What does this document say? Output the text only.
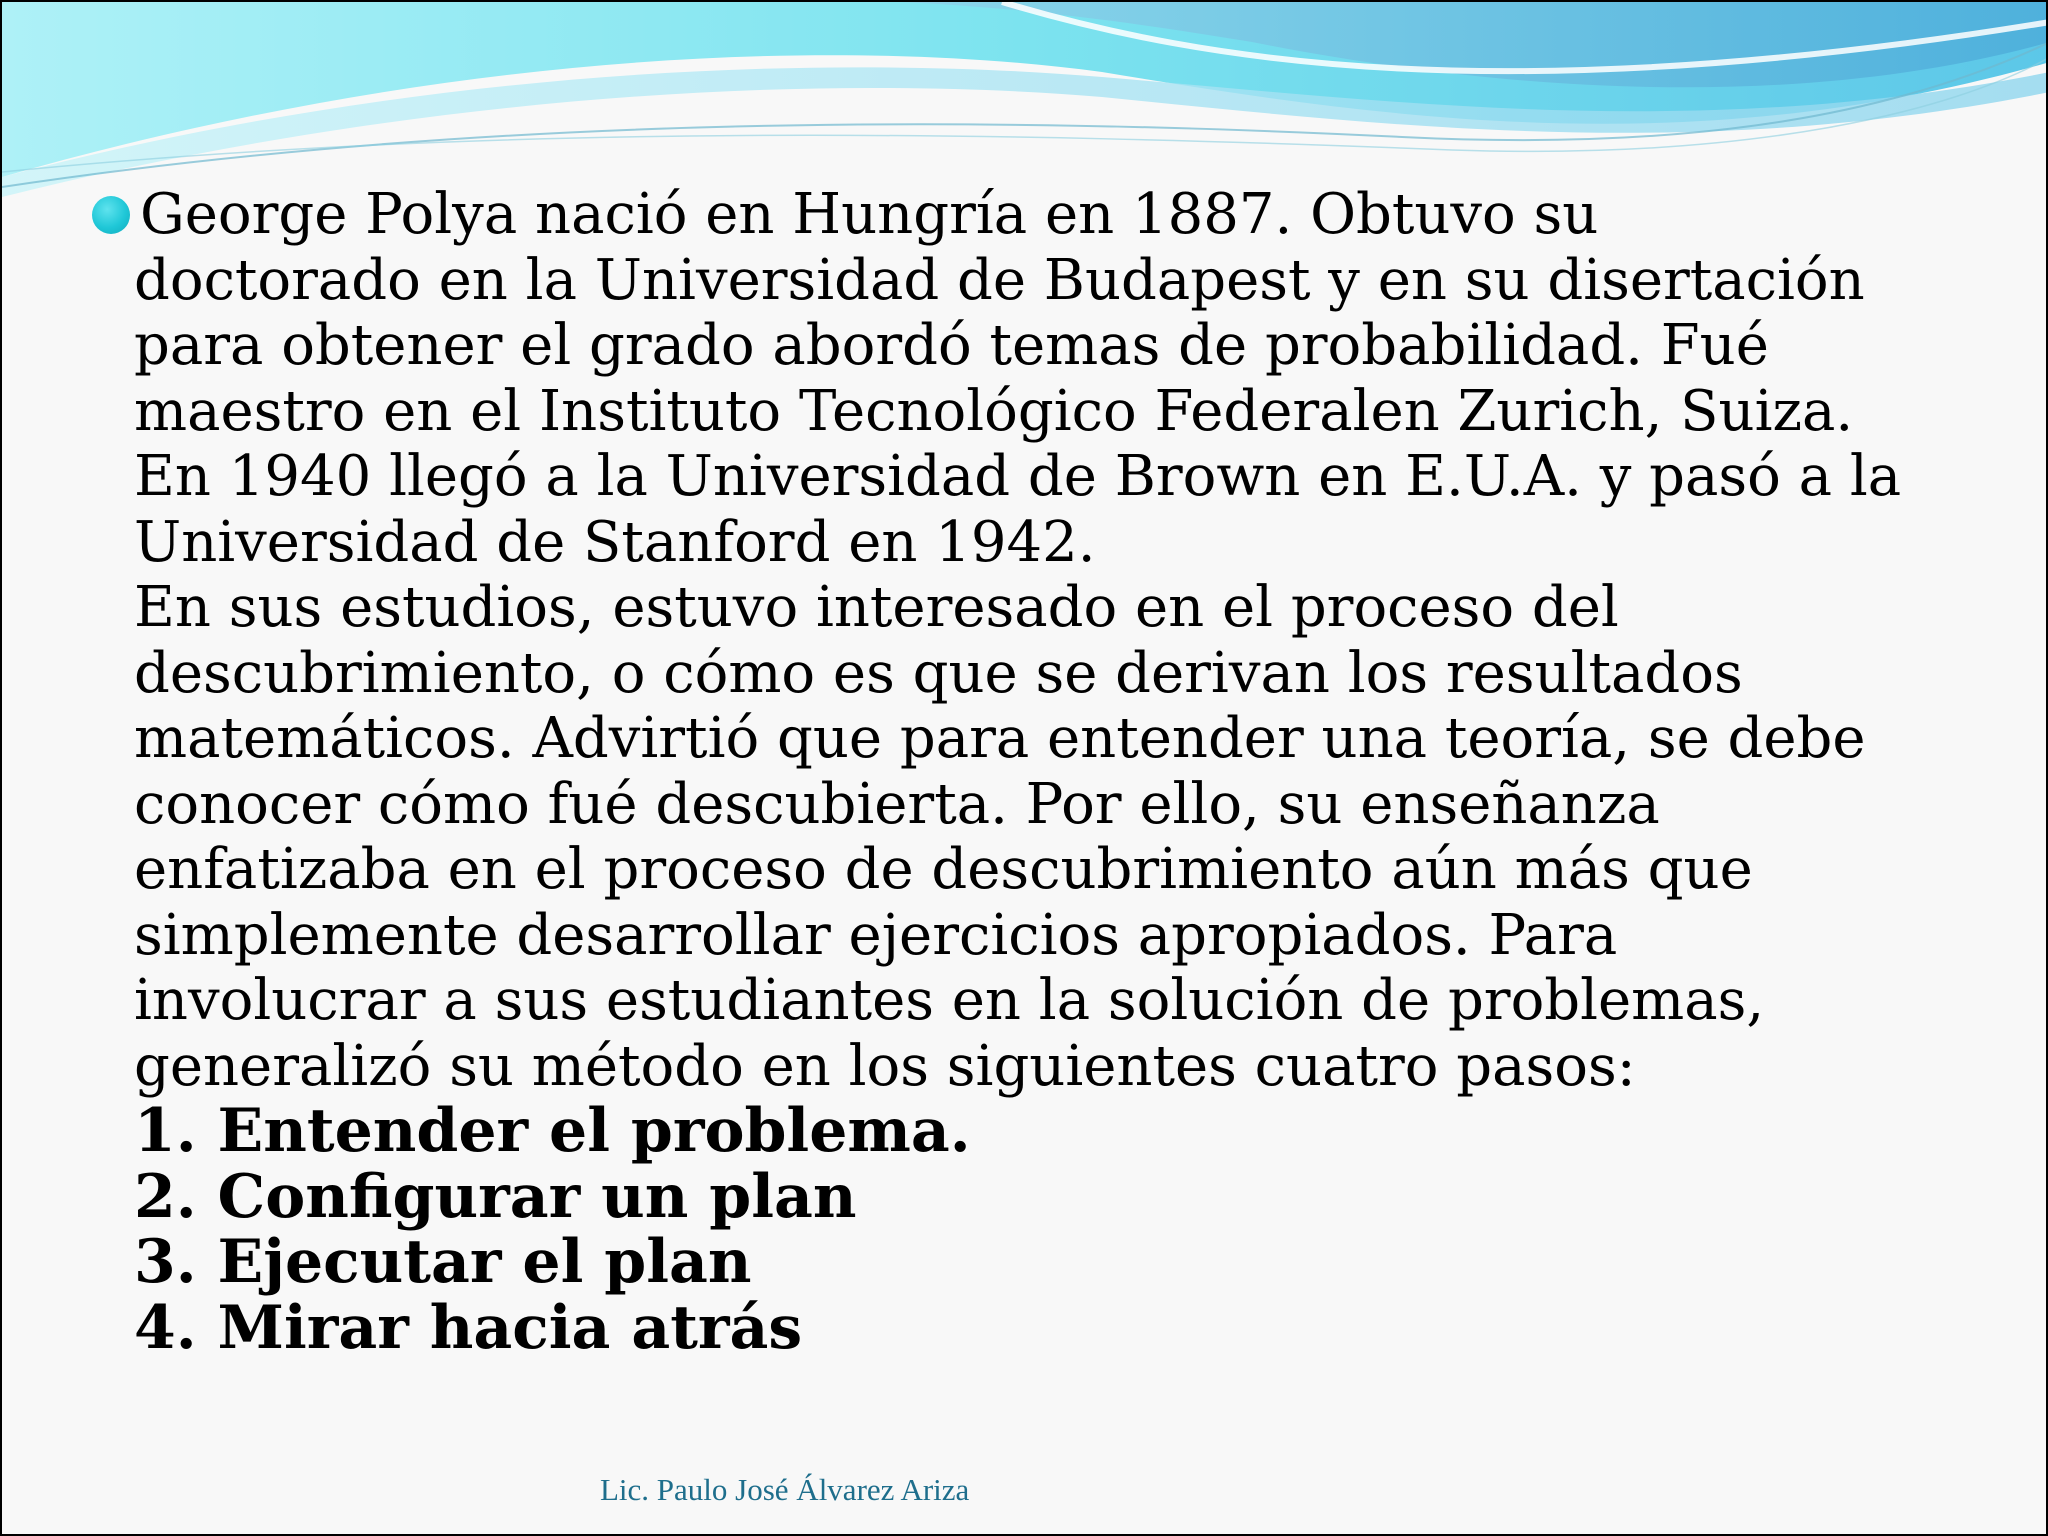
George Polya nació en Hungría en 1887. Obtuvo su
doctorado en la Universidad de Budapest y en su disertación
para obtener el grado abordó temas de probabilidad. Fué
maestro en el Instituto Tecnológico Federalen Zurich, Suiza.
En 1940 llegó a la Universidad de Brown en E.U.A. y pasó a la
Universidad de Stanford en 1942.
En sus estudios, estuvo interesado en el proceso del
descubrimiento, o cómo es que se derivan los resultados
matemáticos. Advirtió que para entender una teoría, se debe
conocer cómo fué descubierta. Por ello, su enseñanza
enfatizaba en el proceso de descubrimiento aún más que
simplemente desarrollar ejercicios apropiados. Para
involucrar a sus estudiantes en la solución de problemas,
generalizó su método en los siguientes cuatro pasos:

1. Entender el problema.
2. Configurar un plan
3. Ejecutar el plan
4. Mirar hacia atrás

Lic. Paulo José Álvarez Ariza
